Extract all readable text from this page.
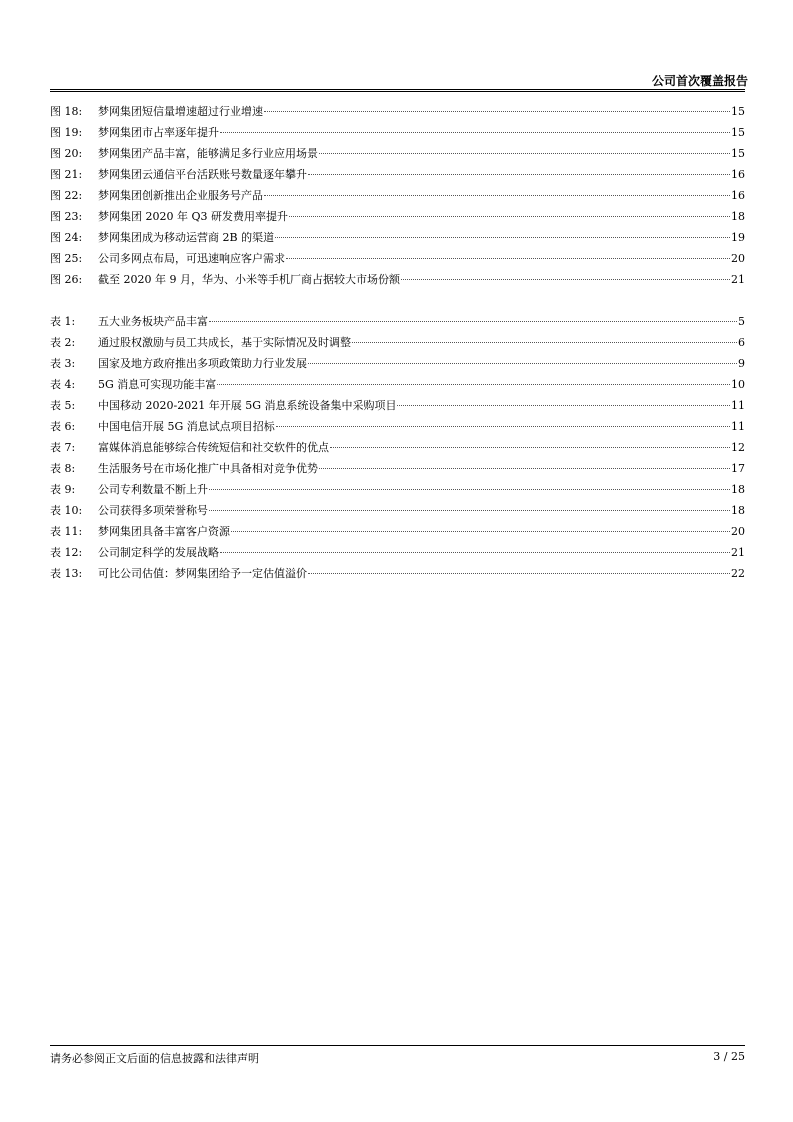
公司首次覆盖报告
图 18:	梦网集团短信量增速超过行业增速	15
图 19:	梦网集团市占率逐年提升	15
图 20:	梦网集团产品丰富，能够满足多行业应用场景	15
图 21:	梦网集团云通信平台活跃账号数量逐年攀升	16
图 22:	梦网集团创新推出企业服务号产品	16
图 23:	梦网集团 2020 年 Q3 研发费用率提升	18
图 24:	梦网集团成为移动运营商 2B 的渠道	19
图 25:	公司多网点布局，可迅速响应客户需求	20
图 26:	截至 2020 年 9 月，华为、小米等手机厂商占据较大市场份额	21
表 1:	五大业务板块产品丰富	5
表 2:	通过股权激励与员工共成长，基于实际情况及时调整	6
表 3:	国家及地方政府推出多项政策助力行业发展	9
表 4:	5G 消息可实现功能丰富	10
表 5:	中国移动 2020-2021 年开展 5G 消息系统设备集中采购项目	11
表 6:	中国电信开展 5G 消息试点项目招标	11
表 7:	富媒体消息能够综合传统短信和社交软件的优点	12
表 8:	生活服务号在市场化推广中具备相对竞争优势	17
表 9:	公司专利数量不断上升	18
表 10:	公司获得多项荣誉称号	18
表 11:	梦网集团具备丰富客户资源	20
表 12:	公司制定科学的发展战略	21
表 13:	可比公司估值：梦网集团给予一定估值溢价	22
请务必参阅正文后面的信息披露和法律声明	3 / 25
